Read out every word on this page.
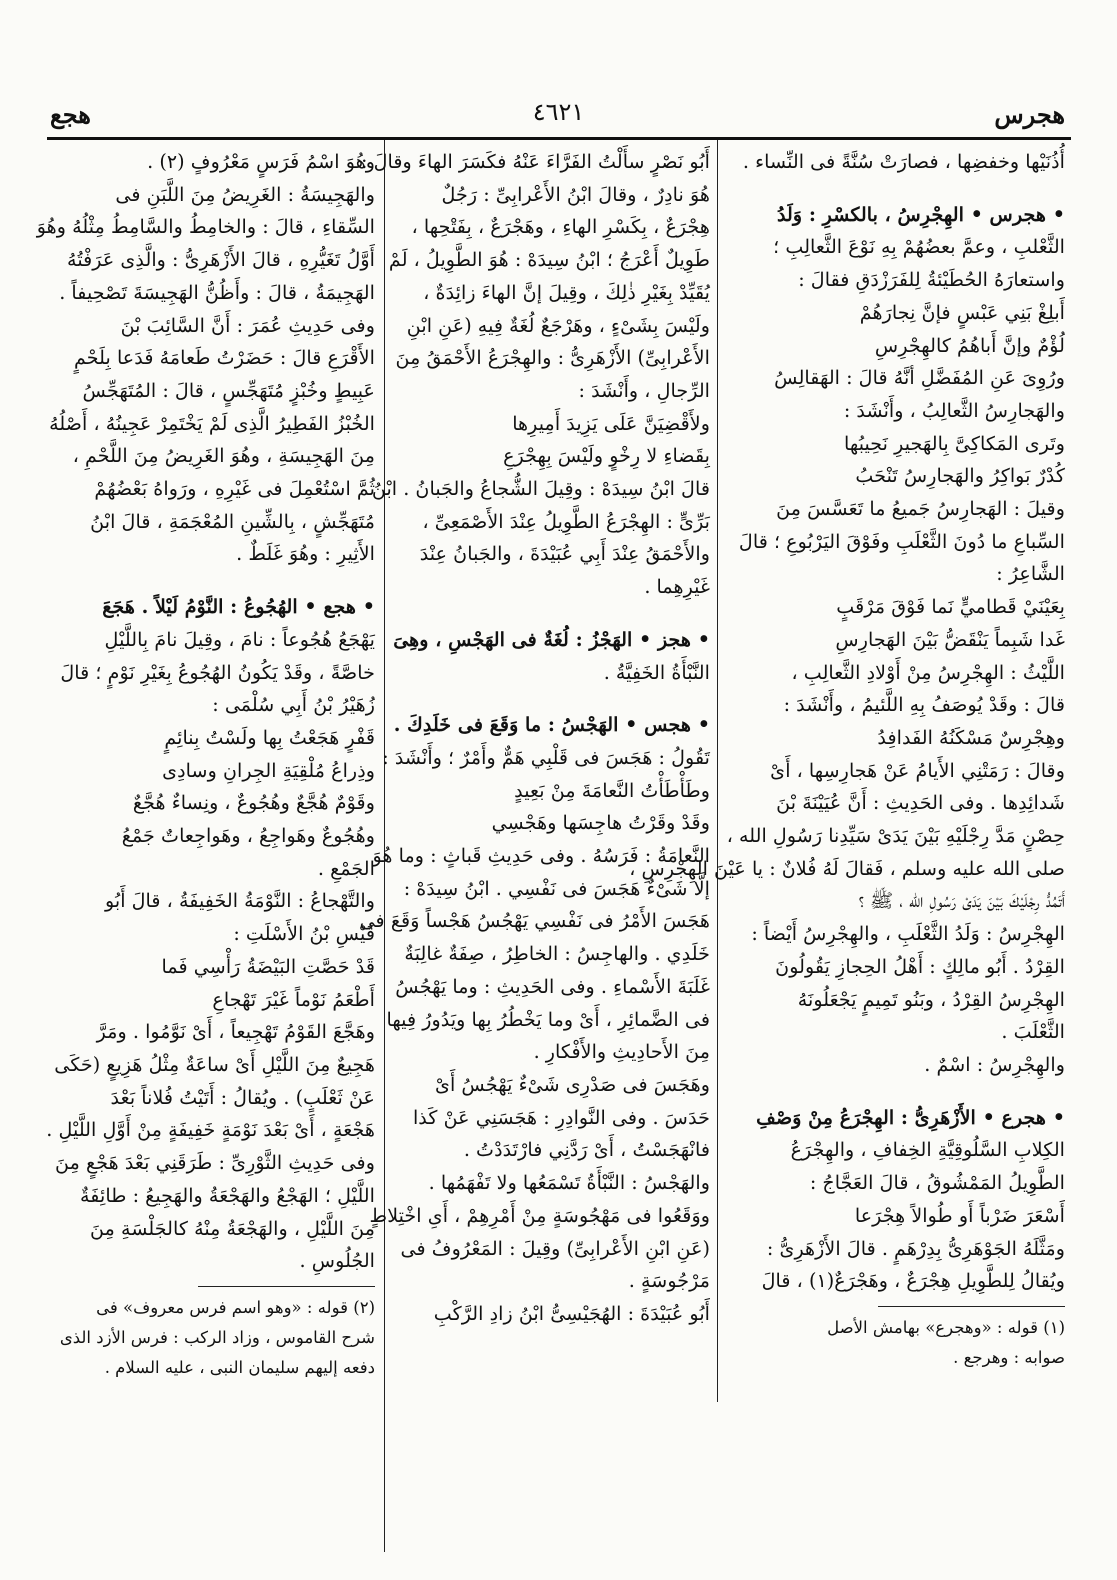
هجرس
٤٦٢١
هجع
أُذُنَيْها وخفضِها ، فصارَتْ سُنَّةً فى النِّساء .
• هجرس • الهِجْرِسُ ، بالكسْرِ : وَلَدُ
الثَّعْلبِ ، وعمَّ بعضُهُمْ بِهِ نَوْعَ الثَّعالِبِ ؛
واستعارَهُ الحُطَيْئةُ لِلفَرَزْدَقِ فقالَ :
أَبلِغْ بَنِي عَبْسٍ فإنَّ نِجارَهُمْ
لُؤْمٌ وإنَّ أَباهُمُ كالهِجْرِسِ
ورُوِىَ عَنِ المُفَضَّلِ أنَّهُ قالَ : الهَقالِسُ
والهَجارِسُ الثَّعالِبُ ، وأَنْشَدَ :
وتَرى المَكاكِىَّ بِالهَجيرِ نَحِيبُها
كُدْرٌ بَواكِرُ والهَجارِسُ تَنْحَبُ
وقيلَ : الهَجارِسُ جَميعُ ما تَعَسَّسَ مِنَ
السِّباعِ ما دُونَ الثَّعْلَبِ وفَوْقَ اليَرْبُوعِ ؛ قالَ
الشَّاعِرُ :
بِعَيْنَيْ قَطاميٍّ نَما فَوْقَ مَرْقَبٍ
غَدا شَبِماً يَنْقَضُّ بَيْنَ الهَجارِسِ
اللَّيْثُ : الهِجْرِسُ مِنْ أَوْلادِ الثَّعالِبِ ،
قالَ : وقَدْ يُوصَفُ بِهِ اللَّئيمُ ، وأَنْشَدَ :
وهِجْرِسٌ مَسْكَنُهُ الفَدافِدُ
وقالَ : رَمَتْنِي الأَيامُ عَنْ هَجارِسِها ، أَىْ
شَدائِدِها . وفى الحَدِيثِ : أَنَّ عُيَيْنَةَ بْنَ
حِصْنٍ مَدَّ رِجْلَيْهِ بَيْنَ يَدَىْ سَيِّدِنا رَسُولِ الله ،
صلى الله عليه وسلم ، فَقالَ لَهُ فُلانٌ : يا عَيْنَ الهِجْرِسِ ،
أَتَمُدُّ رِجْلَيْكَ بَيْنَ يَدَىْ رَسُولِ الله ، ﷺ ؟
الهِجْرِسُ : وَلَدُ الثَّعْلَبِ ، والهِجْرِسُ أَيْضاً :
القِرْدُ . أَبُو مالِكٍ : أَهْلُ الحِجازِ يَقُولُونَ
الهِجْرِسُ القِرْدُ ، وبَنُو تَمِيمٍ يَجْعَلُونَهُ
الثَّعْلَبَ .
والهِجْرِسُ : اسْمٌ .
• هجرع • الأَزْهَرِىُّ : الهِجْرَعُ مِنْ وَصْفِ
الكِلابِ السَّلُوقِيَّةِ الخِفافِ ، والهِجْرَعُ
الطَّوِيلُ المَمْشُوقُ ، قالَ العَجَّاجُ :
أَسْعَرَ ضَرْباً أَو طُوالاً هِجْرَعا
ومَثَّلَهُ الجَوْهَرِىُّ بِدِرْهَمٍ . قالَ الأَزْهَرِىُّ :
ويُقالُ لِلطَّوِيلِ هِجْرَعٌ ، وهَجْرَعٌ(١) ، قالَ
(١) قوله : «وهجرع» بهامش الأصل
صوابه : وهرجع .
أَبُو نَصْرٍ سأَلْتُ الفَرَّاءَ عَنْهُ فكَسَرَ الهاءَ وقالَ :
هُوَ نادِرٌ ، وقالَ ابْنُ الأَعْرابِىِّ : رَجُلٌ
هِجْرَعٌ ، بِكَسْرِ الهاءِ ، وهَجْرَعٌ ، بِفَتْحِها ،
طَوِيلٌ أَعْرَجُ ؛ ابْنُ سِيدَهْ : هُوَ الطَّوِيلُ ، لَمْ
يُقَيِّدْ بِغَيْرِ ذٰلِكَ ، وقِيلَ إنَّ الهاءَ زائِدَةٌ ،
ولَيْسَ بِشَىْءٍ ، وهَرْجَعٌ لُغَةٌ فِيهِ (عَنِ ابْنِ
الأَعْرابِىِّ) الأَزْهَرِىُّ : والهِجْرَعُ الأَحْمَقُ مِنَ
الرِّجالِ ، وأَنْشَدَ :
ولأَقْضِيَنَّ عَلَى يَزِيدَ أَمِيرِها
بِقَضاءِ لا رِخْوٍ ولَيْسَ بِهِجْرَعِ
قالَ ابْنُ سِيدَهْ : وقِيلَ الشُّجاعُ والجَبانُ . ابْنُ
بَرِّىٍّ : الهِجْرَعُ الطَّوِيلُ عِنْدَ الأَصْمَعِىِّ ،
والأَحْمَقُ عِنْدَ أَبِي عُبَيْدَةَ ، والجَبانُ عِنْدَ
غَيْرِهِما .
• هجز • الهَجْزُ : لُغَةٌ فى الهَجْسِ ، وهِىَ
النَّبْأَةُ الخَفِيَّةُ .
• هجس • الهَجْسُ : ما وَقَعَ فى خَلَدِكَ .
تَقُولُ : هَجَسَ فى قَلْبِي هَمٌّ وأَمْرٌ ؛ وأَنْشَدَ :
وطَأْطَأْتُ النَّعامَةَ مِنْ بَعِيدٍ
وقَدْ وقَرْتُ هاجِسَها وهَجْسِي
النَّعامَةُ : فَرَسُهُ . وفى حَدِيثِ قَباثٍ : وما هُوَ
إلَّا شَىْءٌ هَجَسَ فى نَفْسِي . ابْنُ سِيدَهْ :
هَجَسَ الأَمْرُ فى نَفْسِي يَهْجُسُ هَجْساً وَقَعَ فى
خَلَدِي . والهاجِسُ : الخاطِرُ ، صِفَةٌ غالِبَةٌ
غَلَبَةَ الأَسْماءِ . وفى الحَدِيثِ : وما يَهْجُسُ
فى الضَّمائِرِ ، أَىْ وما يَخْطُرُ بِها ويَدُورُ فِيها
مِنَ الأَحادِيثِ والأَفْكارِ .
وهَجَسَ فى صَدْرِى شَىْءٌ يَهْجُسُ أَىْ
حَدَسَ . وفى النَّوادِرِ : هَجَسَنِي عَنْ كَذا
فانْهَجَسْتُ ، أَىْ رَدَّنِي فارْتَدَدْتُ .
والهَجْسُ : النَّبْأَةُ تَسْمَعُها ولا تَفْهَمُها .
ووَقَعُوا فى مَهْجُوسَةٍ مِنْ أَمْرِهِمْ ، أَىِ اخْتِلاطٍ
(عَنِ ابْنِ الأَعْرابِىِّ) وقِيلَ : المَعْرُوفُ فى
مَرْجُوسَةٍ .
أَبُو عُبَيْدَةَ : الهُجَيْسِىُّ ابْنُ زادِ الرَّكْبِ
وهُوَ اسْمُ فَرَسٍ مَعْرُوفٍ (٢) .
والهَجِيسَةُ : الغَرِيضُ مِنَ اللَّبَنِ فى
السِّقاءِ ، قالَ : والخامِطُ والسَّامِطُ مِثْلُهُ وهُوَ
أَوَّلُ تَغَيُّرِهِ ، قالَ الأَزْهَرِىُّ : والَّذِى عَرَفْتُهُ
الهَجِيمَةُ ، قالَ : وأَظُنُّ الهَجِيسَةَ تَصْحِيفاً .
وفى حَدِيثِ عُمَرَ : أَنَّ السَّائِبَ بْنَ
الأَقْرَعِ قالَ : حَضَرْتُ طَعامَهُ فَدَعا بِلَحْمٍ
عَبِيطٍ وخُبْزٍ مُتَهَجِّسٍ ، قالَ : المُتَهَجِّسُ
الخُبْزُ الفَطِيرُ الَّذِى لَمْ يَخْتَمِرْ عَجِينُهُ ، أَصْلُهُ
مِنَ الهَجِيسَةِ ، وهُوَ الغَرِيضُ مِنَ اللَّحْمِ ،
ثُمَّ اسْتُعْمِلَ فى غَيْرِهِ ، ورَواهُ بَعْضُهُمْ
مُتَهَجِّشٍ ، بِالشِّينِ المُعْجَمَةِ ، قالَ ابْنُ
الأَثِيرِ : وهُوَ غَلَطٌ .
• هجع • الهُجُوعُ : النَّوْمُ لَيْلاً . هَجَعَ
يَهْجَعُ هُجُوعاً : نامَ ، وقِيلَ نامَ بِاللَّيْلِ
خاصَّةً ، وقَدْ يَكُونُ الهُجُوعُ بِغَيْرِ نَوْمٍ ؛ قالَ
زُهَيْرُ بْنُ أَبِي سُلْمَى :
قَفْرٍ هَجَعْتُ بِها ولَسْتُ بِنائِمٍ
وذِراعُ مُلْقِيَةِ الجِرانِ وسادِى
وقَوْمٌ هُجَّعٌ وهُجُوعٌ ، ونِساءٌ هُجَّعٌ
وهُجُوعٌ وهَواجِعُ ، وهَواجِعاتٌ جَمْعُ
الجَمْعِ .
والتَّهْجاعُ : النَّوْمَةُ الخَفِيفَةُ ، قالَ أَبُو
قَيْسِ بْنُ الأَسْلَتِ :
قَدْ حَصَّتِ البَيْضَةُ رَأْسِي فَما
أَطْعَمُ نَوْماً غَيْرَ تَهْجاعِ
وهَجَّعَ القَوْمُ تَهْجِيعاً ، أَىْ نَوَّمُوا . ومَرَّ
هَجِيعٌ مِنَ اللَّيْلِ أَىْ ساعَةٌ مِثْلُ هَزِيعٍ (حَكَى
عَنْ ثَعْلَبٍ) . ويُقالُ : أَتَيْتُ فُلاناً بَعْدَ
هَجْعَةٍ ، أَىْ بَعْدَ نَوْمَةٍ خَفِيفَةٍ مِنْ أَوَّلِ اللَّيْلِ .
وفى حَدِيثِ الثَّوْرِىِّ : طَرَقَنِي بَعْدَ هَجْعٍ مِنَ
اللَّيْلِ ؛ الهَجْعُ والهَجْعَةُ والهَجِيعُ : طائِفَةٌ
مِنَ اللَّيْلِ ، والهَجْعَةُ مِنْهُ كالجَلْسَةِ مِنَ
الجُلُوسِ .
(٢) قوله : «وهو اسم فرس معروف» فى
شرح القاموس ، وزاد الركب : فرس الأزد الذى
دفعه إليهم سليمان النبى ، عليه السلام .
